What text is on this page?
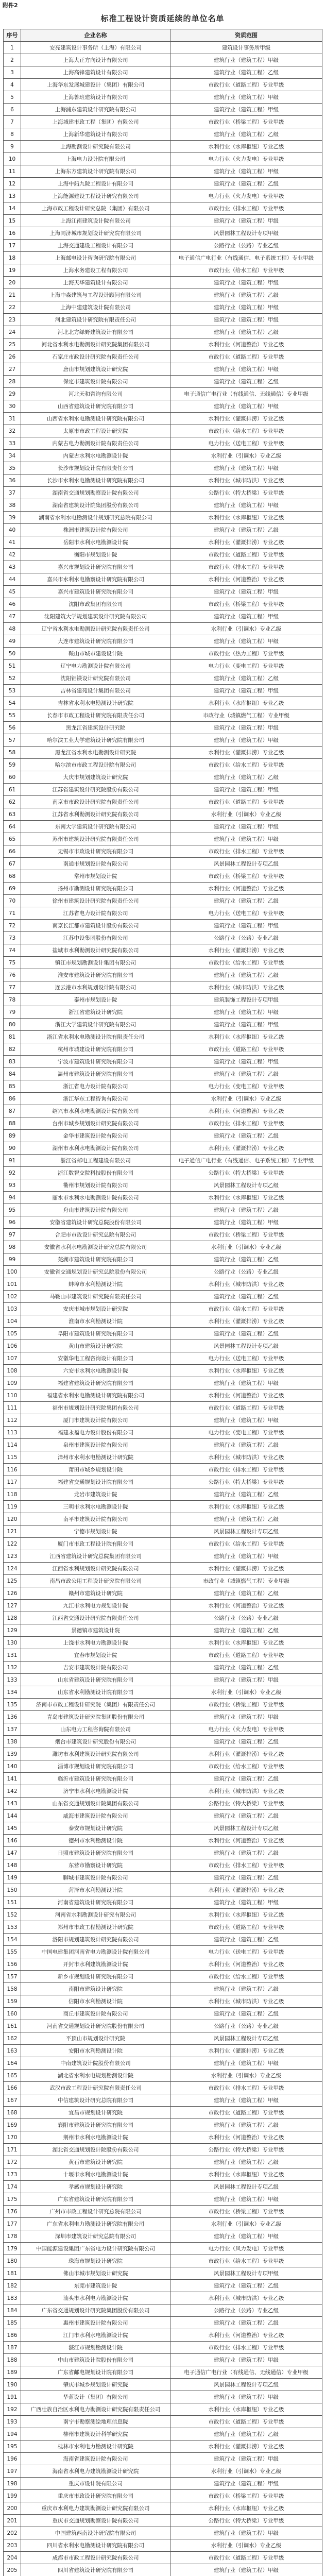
附件2
标准工程设计资质延续的单位名单
序号	企业名称	资质范围
1	安亮建筑设计事务所（上海）有限公司	建筑设计事务所甲级
2	上海大正方向设计有限公司	建筑行业（建筑工程）甲级
3	上海高锋建筑设计有限公司	建筑行业（建筑工程）乙级
4	上海华东发展城建设计（集团）有限公司	市政行业（道路工程）专业甲级
5	上海鲁班建筑设计有限公司	建筑行业（建筑工程）甲级
6	上海浦东建筑设计研究院有限公司	建筑行业（建筑工程）甲级
7	上海城建市政工程（集团）有限公司	市政行业（桥梁工程）专业甲级
8	上海新华建筑设计有限公司	建筑行业（建筑工程）乙级
9	上海勘测设计研究院有限公司	水利行业（水库枢纽）专业乙级
10	上海电力设计院有限公司	电力行业（火力发电）专业甲级
11	上海东方建筑设计研究院有限公司	建筑行业（建筑工程）甲级
12	上海中船九院工程设计有限公司	建筑行业（建筑工程）乙级
13	上海能源建设工程设计研究有限公司	电力行业（火力发电）专业甲级
14	上海市政工程设计研究总院（集团）有限公司	市政行业（排水工程）专业甲级
15	上海江南建筑设计院有限公司	建筑行业（建筑工程）甲级
16	上海同济城市规划设计研究院有限公司	风景园林工程设计专项甲级
17	上海交通建设工程设计有限公司	公路行业（公路）专业乙级
18	上海邮电设计咨询研究院有限公司	电子通信广电行业（有线通信、电子系统工程）专业甲级
19	上海水务建设工程有限公司	市政行业（给水工程）专业甲级
20	上海天华建筑设计有限公司	建筑行业（建筑工程）甲级
21	上海中森建筑与工程设计顾问有限公司	建筑行业（建筑工程）乙级
22	上海中建建筑设计院有限公司	建筑行业（建筑工程）甲级
23	河北建筑设计研究院有限责任公司	建筑行业（建筑工程）甲级
24	河北北方绿野建筑设计有限公司	建筑行业（建筑工程）乙级
25	河北省水利水电勘测设计研究院集团有限公司	水利行业（河道整治）专业乙级
26	石家庄市政设计研究院有限责任公司	市政行业（道路工程）专业甲级
27	唐山市规划建筑设计研究院	建筑行业（建筑工程）甲级
28	保定市建筑设计院有限公司	建筑行业（建筑工程）乙级
29	河北天和咨询有限公司	电子通信广电行业（有线通信、无线通信）专业甲级
30	山西省建筑设计研究院有限公司	建筑行业（建筑工程）甲级
31	山西省水利水电勘测设计研究院有限公司	水利行业（灌溉排涝）专业乙级
32	太原市市政工程设计研究院	市政行业（给水工程）专业甲级
33	内蒙古电力勘测设计院有限责任公司	电力行业（送电工程）专业甲级
34	内蒙古水利水电勘测设计院	水利行业（引调水）专业乙级
35	长沙市规划设计院有限责任公司	建筑行业（建筑工程）甲级
36	长沙市水利水电勘测设计研究院有限公司	水利行业（城市防洪）专业乙级
37	湖南省交通规划勘察设计院有限公司	公路行业（特大桥梁）专业甲级
38	湖南省建筑设计院集团股份有限公司	建筑行业（建筑工程）甲级
39	湖南省水利水电勘测设计规划研究总院有限公司	水利行业（水库枢纽）专业乙级
40	株洲市建筑设计院有限公司	建筑行业（建筑工程）乙级
41	岳阳市水利水电勘测设计院	水利行业（灌溉排涝）专业乙级
42	衡阳市规划设计院	市政行业（道路工程）专业甲级
43	嘉兴市规划设计研究院有限公司	市政行业（排水工程）专业甲级
44	嘉兴市水利水电勘察设计研究院有限公司	水利行业（河道整治）专业乙级
45	嘉兴市建筑设计研究院有限公司	建筑行业（建筑工程）甲级
46	沈阳市政集团有限公司	市政行业（桥梁工程）专业甲级
47	沈阳建筑大学规划建筑设计研究院有限公司	建筑行业（建筑工程）甲级
48	辽宁省水利水电勘测设计研究院有限责任公司	水利行业（引调水）专业乙级
49	大连市建筑设计研究院有限公司	建筑行业（建筑工程）甲级
50	鞍山市城市建设设计院	市政行业（热力工程）专业甲级
51	辽宁电力勘测设计院有限公司	电力行业（变电工程）专业甲级
52	沈阳铝镁设计研究院有限公司	建筑行业（建筑工程）乙级
53	吉林省建苑设计集团有限公司	建筑行业（建筑工程）甲级
54	吉林省水利水电勘测设计研究院	水利行业（水库枢纽）专业乙级
55	长春市市政工程设计研究院有限责任公司	市政行业（城镇燃气工程）专业甲级
56	黑龙江省建筑设计研究院	建筑行业（建筑工程）甲级
57	哈尔滨工业大学建筑设计研究院有限公司	建筑行业（建筑工程）甲级
58	黑龙江省水利水电勘测设计研究院	水利行业（灌溉排涝）专业乙级
59	哈尔滨市市政工程设计院有限公司	市政行业（给水工程）专业甲级
60	大庆市规划建筑设计研究院	建筑行业（建筑工程）乙级
61	江苏省建筑设计研究院股份有限公司	建筑行业（建筑工程）甲级
62	南京市市政设计研究院有限责任公司	市政行业（道路工程）专业甲级
63	江苏省水利勘测设计研究院有限公司	水利行业（引调水）专业乙级
64	东南大学建筑设计研究院有限公司	建筑行业（建筑工程）甲级
65	苏州市建筑设计研究院有限责任公司	建筑行业（建筑工程）甲级
66	无锡市市政设计研究院有限公司	市政行业（排水工程）专业甲级
67	南通市规划设计院有限公司	风景园林工程设计专项乙级
68	常州市规划设计院	市政行业（桥梁工程）专业甲级
69	扬州市勘测设计研究院有限公司	水利行业（河道整治）专业乙级
70	徐州市建筑设计研究院有限责任公司	建筑行业（建筑工程）乙级
71	江苏省电力设计院有限公司	电力行业（送电工程）专业甲级
72	南京长江都市建筑设计股份有限公司	建筑行业（建筑工程）甲级
73	江苏中设集团股份有限公司	公路行业（公路）专业乙级
74	盐城市水利勘测设计研究院有限公司	水利行业（灌溉排涝）专业乙级
75	镇江市规划勘测设计集团有限公司	市政行业（给水工程）专业甲级
76	淮安市建筑设计研究院有限公司	建筑行业（建筑工程）乙级
77	连云港市水利规划设计院有限公司	水利行业（城市防洪）专业乙级
78	泰州市规划设计院	建筑装饰工程设计专项甲级
79	浙江省建筑设计研究院	建筑行业（建筑工程）甲级
80	浙江大学建筑设计研究院有限公司	建筑行业（建筑工程）甲级
81	浙江省水利水电勘测设计院有限责任公司	水利行业（水库枢纽）专业乙级
82	杭州市城建设计研究院有限公司	市政行业（道路工程）专业甲级
83	宁波市建筑设计研究院有限公司	建筑行业（建筑工程）甲级
84	温州市建筑设计研究院有限公司	建筑行业（建筑工程）乙级
85	浙江省电力设计院有限公司	电力行业（变电工程）专业甲级
86	浙江华东工程咨询有限公司	水利行业（引调水）专业乙级
87	绍兴市水利水电勘测设计院有限公司	水利行业（河道整治）专业乙级
88	台州市城乡规划设计研究院有限公司	市政行业（排水工程）专业甲级
89	金华市建筑设计院有限公司	建筑行业（建筑工程）乙级
90	湖州市水利水电勘测设计院有限公司	水利行业（灌溉排涝）专业乙级
91	浙江省邮电工程建设有限公司	电子通信广电行业（有线通信、电子系统工程）专业甲级
92	浙江数智交院科技股份有限公司	公路行业（特大桥梁）专业甲级
93	衢州市规划设计院有限公司	风景园林工程设计专项乙级
94	丽水市水利水电勘测设计院有限公司	水利行业（水库枢纽）专业乙级
95	舟山市建筑设计院有限公司	建筑行业（建筑工程）乙级
96	安徽省建筑设计研究总院股份有限公司	建筑行业（建筑工程）甲级
97	合肥市市政设计研究总院有限公司	市政行业（桥梁工程）专业甲级
98	安徽省水利水电勘测设计研究总院有限公司	水利行业（引调水）专业乙级
99	芜湖市建筑设计研究院有限公司	建筑行业（建筑工程）乙级
100	安徽省交通规划设计研究总院股份有限公司	公路行业（公路）专业乙级
101	蚌埠市水利勘测设计院	水利行业（城市防洪）专业乙级
102	马鞍山市建筑设计研究院有限责任公司	建筑行业（建筑工程）乙级
103	安庆市城市规划设计研究院	市政行业（给水工程）专业甲级
104	淮南市水利勘测设计院	水利行业（灌溉排涝）专业乙级
105	阜阳市建筑设计研究院有限公司	建筑行业（建筑工程）乙级
106	黄山市建筑设计研究院	风景园林工程设计专项乙级
107	安徽华电工程咨询设计有限公司	电力行业（送电工程）专业甲级
108	六安市水利水电勘测设计院	水利行业（水库枢纽）专业乙级
109	福建省建筑设计研究院有限公司	建筑行业（建筑工程）甲级
110	福建省水利水电勘测设计研究院有限公司	水利行业（河道整治）专业乙级
111	福州市规划设计研究院集团有限公司	市政行业（道路工程）专业甲级
112	厦门市建筑设计院有限公司	建筑行业（建筑工程）甲级
113	福建永福电力设计股份有限公司	电力行业（变电工程）专业甲级
114	泉州市建筑设计院有限公司	建筑行业（建筑工程）乙级
115	漳州市水利水电勘测设计研究院	水利行业（城市防洪）专业乙级
116	莆田市城乡规划设计院	市政行业（排水工程）专业甲级
117	福建省交通规划设计院有限公司	公路行业（特大桥梁）专业甲级
118	龙岩市建筑设计院	建筑行业（建筑工程）乙级
119	三明市水利水电勘测设计院	水利行业（水库枢纽）专业乙级
120	南平市建筑设计院有限公司	建筑行业（建筑工程）乙级
121	宁德市规划设计院	风景园林工程设计专项乙级
122	厦门市市政工程设计院有限公司	市政行业（给水工程）专业甲级
123	江西省建筑设计研究总院集团有限公司	建筑行业（建筑工程）甲级
124	江西省水利规划设计研究院有限公司	水利行业（灌溉排涝）专业乙级
125	南昌市政公用工程设计研究院有限公司	市政行业（城镇燃气工程）专业甲级
126	赣州市建筑设计研究院	建筑行业（建筑工程）乙级
127	九江市水利电力规划设计院	水利行业（河道整治）专业乙级
128	江西省交通设计研究院有限责任公司	公路行业（公路）专业乙级
129	景德镇市建筑设计院	建筑行业（建筑工程）乙级
130	上饶市水利电力勘测设计院	水利行业（水库枢纽）专业乙级
131	宜春市规划设计院	市政行业（道路工程）专业甲级
132	吉安市建筑设计院有限公司	建筑行业（建筑工程）乙级
133	山东省建筑设计研究院有限公司	建筑行业（建筑工程）甲级
134	山东省水利勘测设计院有限公司	水利行业（引调水）专业乙级
135	济南市市政工程设计研究院（集团）有限责任公司	市政行业（桥梁工程）专业甲级
136	青岛市建筑设计研究院集团股份有限公司	建筑行业（建筑工程）甲级
137	山东电力工程咨询院有限公司	电力行业（火力发电）专业甲级
138	烟台市建筑设计研究股份有限公司	建筑行业（建筑工程）乙级
139	潍坊市水利建筑设计研究院有限公司	水利行业（灌溉排涝）专业乙级
140	淄博市规划设计研究院有限公司	市政行业（给水工程）专业甲级
141	临沂市建筑设计研究院有限公司	建筑行业（建筑工程）乙级
142	济宁市水利水电勘测设计院	水利行业（城市防洪）专业乙级
143	山东省交通规划设计院集团有限公司	公路行业（特大桥梁）专业甲级
144	威海市建筑设计院有限公司	建筑行业（建筑工程）乙级
145	泰安市规划设计研究院	风景园林工程设计专项乙级
146	德州市水利勘测设计院	水利行业（河道整治）专业乙级
147	日照市建筑设计研究院有限公司	建筑行业（建筑工程）乙级
148	东营市勘察设计研究院	市政行业（排水工程）专业甲级
149	聊城市建筑设计院有限公司	建筑行业（建筑工程）乙级
150	菏泽市水利勘测设计院	水利行业（灌溉排涝）专业乙级
151	河南省建筑设计研究院有限公司	建筑行业（建筑工程）甲级
152	河南省水利勘测设计研究有限公司	水利行业（水库枢纽）专业乙级
153	郑州市市政工程勘测设计研究院	市政行业（道路工程）专业甲级
154	洛阳市规划建筑设计研究院有限公司	建筑行业（建筑工程）乙级
155	中国电建集团河南省电力勘测设计院有限公司	电力行业（送电工程）专业甲级
156	开封市水利建筑勘测设计院	水利行业（河道整治）专业乙级
157	新乡市规划设计研究院有限公司	市政行业（给水工程）专业甲级
158	南阳市建筑设计研究院	建筑行业（建筑工程）乙级
159	信阳市水利勘测设计院	水利行业（城市防洪）专业乙级
160	商丘市建筑设计院有限公司	建筑行业（建筑工程）乙级
161	河南省交通规划设计研究院股份有限公司	公路行业（公路）专业乙级
162	平顶山市规划设计研究院	风景园林工程设计专项乙级
163	安阳市水利勘测设计院	水利行业（灌溉排涝）专业乙级
164	中南建筑设计院股份有限公司	建筑行业（建筑工程）甲级
165	湖北省水利水电规划勘测设计院	水利行业（引调水）专业乙级
166	武汉市政工程设计研究院有限责任公司	市政行业（排水工程）专业甲级
167	中信建筑设计研究总院有限公司	建筑行业（建筑工程）甲级
168	宜昌市规划设计研究院	市政行业（道路工程）专业甲级
169	襄阳市建筑设计研究院有限公司	建筑行业（建筑工程）乙级
170	荆州市水利水电勘测设计院	水利行业（河道整治）专业乙级
171	湖北省交通规划设计院股份有限公司	公路行业（特大桥梁）专业甲级
172	黄石市建筑设计研究院	建筑行业（建筑工程）乙级
173	十堰市水利水电勘测设计院	水利行业（水库枢纽）专业乙级
174	孝感市规划设计研究院	风景园林工程设计专项乙级
175	广东省建筑设计研究院有限公司	建筑行业（建筑工程）甲级
176	广州市市政工程设计研究总院有限公司	市政行业（桥梁工程）专业甲级
177	广东省水利电力勘测设计研究院有限公司	水利行业（引调水）专业乙级
178	深圳市建筑设计研究总院有限公司	建筑行业（建筑工程）甲级
179	中国能源建设集团广东省电力设计研究院有限公司	电力行业（风力发电）专业甲级
180	珠海市规划设计研究院	市政行业（给水工程）专业甲级
181	佛山市城市规划设计研究院	风景园林工程设计专项甲级
182	东莞市建筑设计院	建筑行业（建筑工程）乙级
183	汕头市水利电力勘测设计院	水利行业（城市防洪）专业乙级
184	广东省交通规划设计研究院集团股份有限公司	公路行业（公路）专业乙级
185	惠州市建筑设计院有限公司	建筑行业（建筑工程）乙级
186	江门市水利水电勘测设计院	水利行业（河道整治）专业乙级
187	湛江市规划勘测设计院	市政行业（排水工程）专业甲级
188	中山市建筑设计院股份有限公司	建筑行业（建筑工程）甲级
189	广东省邮电规划设计院有限公司	电子通信广电行业（有线通信、无线通信）专业甲级
190	肇庆市城乡规划设计研究院	风景园林工程设计专项乙级
191	华蓝设计（集团）有限公司	建筑行业（建筑工程）甲级
192	广西壮族自治区水利电力勘测设计研究院有限责任公司	水利行业（水库枢纽）专业乙级
193	南宁市勘察测绘地理信息院	市政行业（道路工程）专业甲级
194	柳州市建筑设计科学研究院	建筑行业（建筑工程）乙级
195	桂林市水利电力勘测设计研究院	水利行业（灌溉排涝）专业乙级
196	海南省建筑设计院有限公司	建筑行业（建筑工程）甲级
197	海南省水利电力建筑勘测设计研究院	水利行业（引调水）专业乙级
198	重庆市设计院有限公司	建筑行业（建筑工程）甲级
199	重庆市市政设计研究院有限公司	市政行业（桥梁工程）专业甲级
200	重庆市水利电力建筑勘测设计研究院有限公司	水利行业（水库枢纽）专业乙级
201	重庆市交通规划勘察设计院有限公司	公路行业（特大桥梁）专业甲级
202	中国建筑西南设计研究院有限公司	建筑行业（建筑工程）甲级
203	四川省水利水电勘测设计研究院有限公司	水利行业（引调水）专业乙级
204	成都市市政工程设计研究院有限公司	市政行业（道路工程）专业甲级
205	四川省建筑设计研究院有限公司	建筑行业（建筑工程）甲级
